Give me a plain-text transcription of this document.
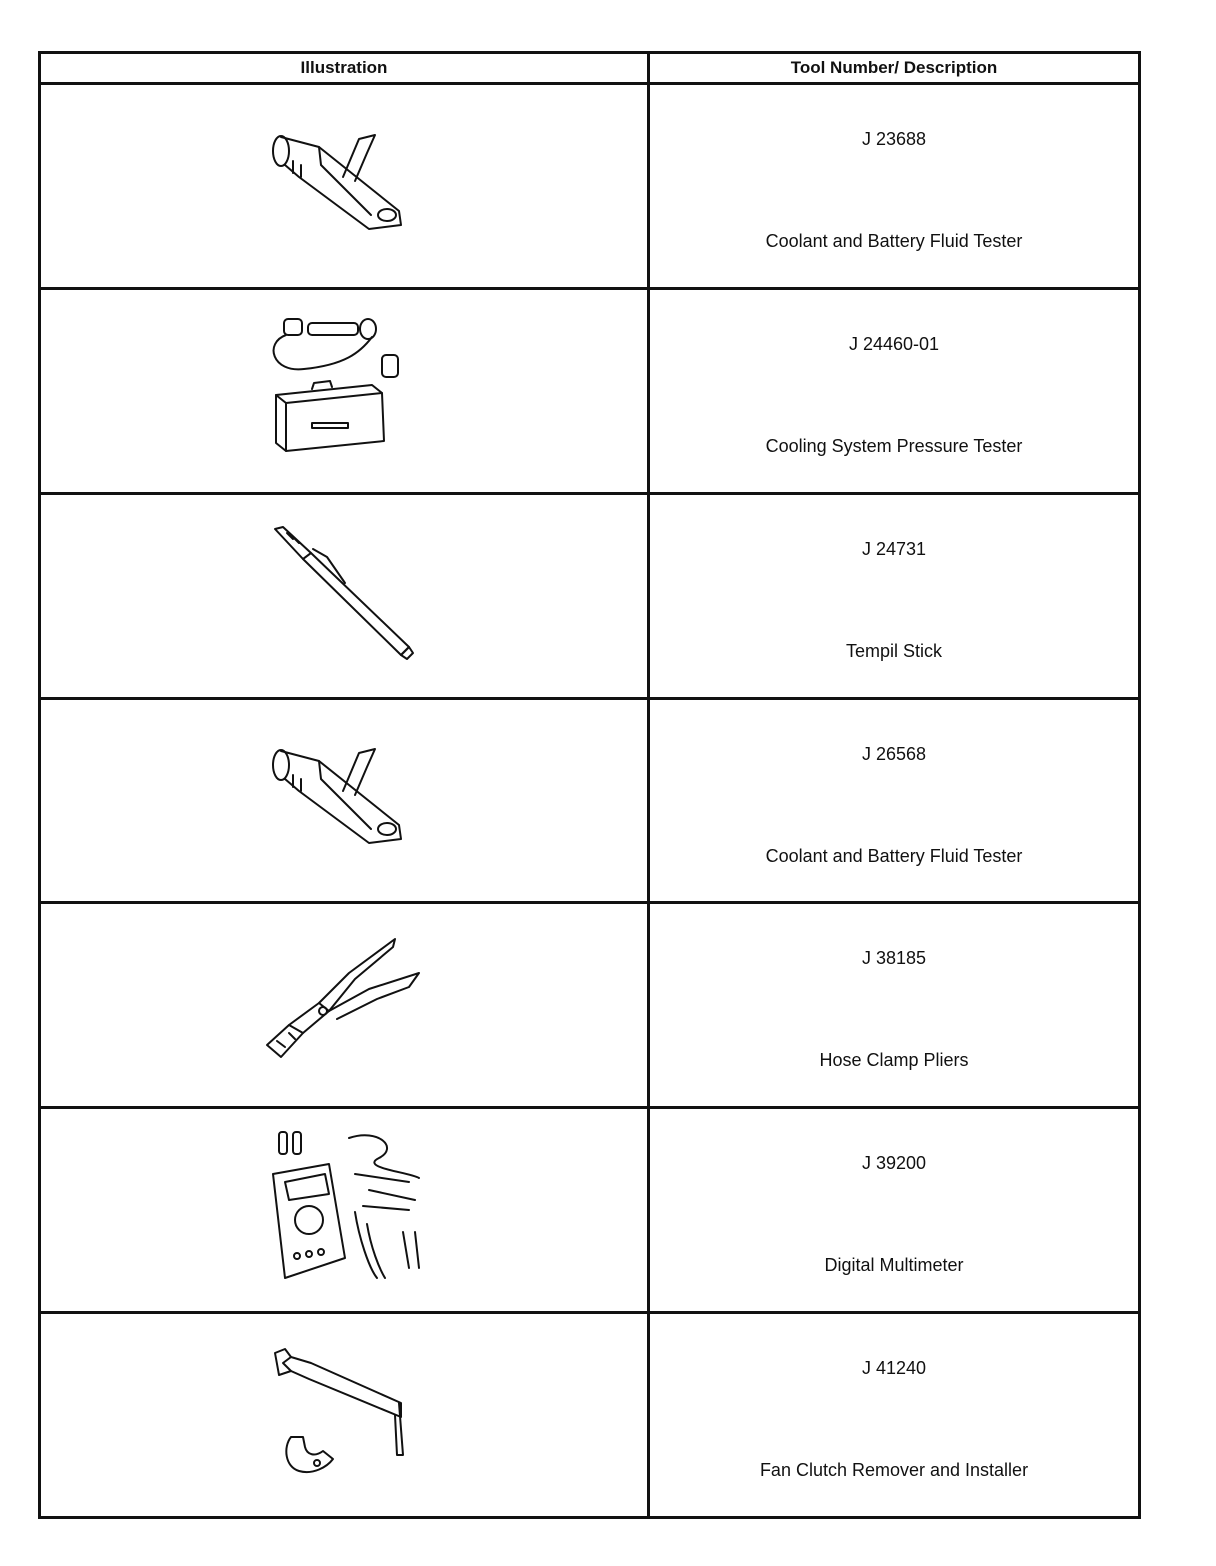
Illustration	Tool Number/ Description

J 23688
Coolant and Battery Fluid Tester

J 24460-01
Cooling System Pressure Tester

J 24731
Tempil Stick

J 26568
Coolant and Battery Fluid Tester

J 38185
Hose Clamp Pliers

J 39200
Digital Multimeter

J 41240
Fan Clutch Remover and Installer
